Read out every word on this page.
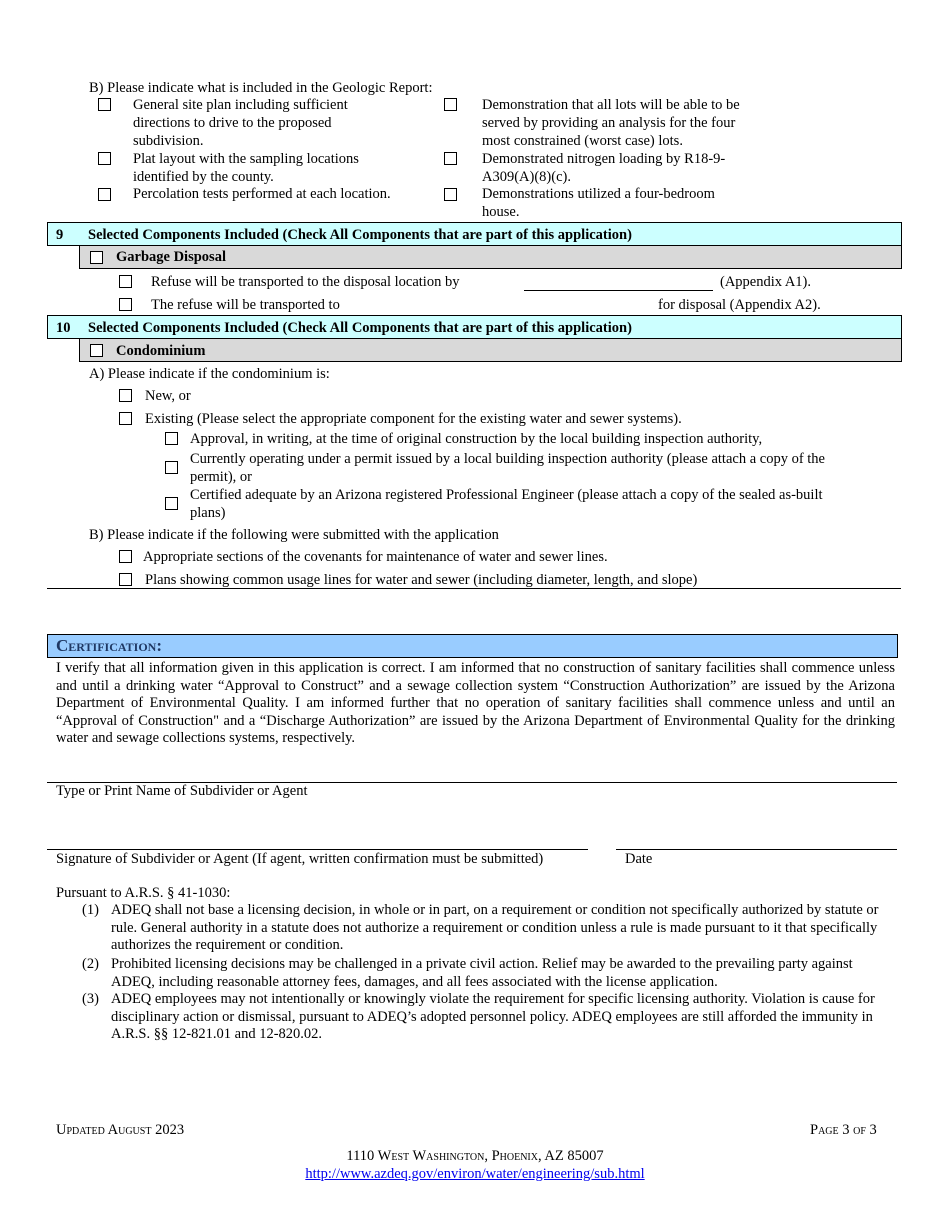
B) Please indicate what is included in the Geologic Report:
General site plan including sufficient
directions to drive to the proposed
subdivision.
Plat layout with the sampling locations
identified by the county.
Percolation tests performed at each location.
Demonstration that all lots will be able to be
served by providing an analysis for the four
most constrained (worst case) lots.
Demonstrated nitrogen loading by R18-9-
A309(A)(8)(c).
Demonstrations utilized a four-bedroom
house.
9 Selected Components Included (Check All Components that are part of this application)
Garbage Disposal
Refuse will be transported to the disposal location by	(Appendix A1).
The refuse will be transported to	for disposal (Appendix A2).
10 Selected Components Included (Check All Components that are part of this application)
Condominium
A) Please indicate if the condominium is:
New, or
Existing (Please select the appropriate component for the existing water and sewer systems).
Approval, in writing, at the time of original construction by the local building inspection authority,
Currently operating under a permit issued by a local building inspection authority (please attach a copy of the
permit), or
Certified adequate by an Arizona registered Professional Engineer (please attach a copy of the sealed as-built
plans)
B) Please indicate if the following were submitted with the application
Appropriate sections of the covenants for maintenance of water and sewer lines.
Plans showing common usage lines for water and sewer (including diameter, length, and slope)
Certification:
I verify that all information given in this application is correct. I am informed that no construction of sanitary facilities shall commence unless and until a drinking water “Approval to Construct” and a sewage collection system “Construction Authorization” are issued by the Arizona Department of Environmental Quality. I am informed further that no operation of sanitary facilities shall commence unless and until an “Approval of Construction" and a “Discharge Authorization” are issued by the Arizona Department of Environmental Quality for the drinking water and sewage collections systems, respectively.
Type or Print Name of Subdivider or Agent
Signature of Subdivider or Agent (If agent, written confirmation must be submitted)	Date
Pursuant to A.R.S. § 41-1030:
(1) ADEQ shall not base a licensing decision, in whole or in part, on a requirement or condition not specifically authorized by statute or rule. General authority in a statute does not authorize a requirement or condition unless a rule is made pursuant to it that specifically authorizes the requirement or condition.
(2) Prohibited licensing decisions may be challenged in a private civil action. Relief may be awarded to the prevailing party against ADEQ, including reasonable attorney fees, damages, and all fees associated with the license application.
(3) ADEQ employees may not intentionally or knowingly violate the requirement for specific licensing authority. Violation is cause for disciplinary action or dismissal, pursuant to ADEQ’s adopted personnel policy. ADEQ employees are still afforded the immunity in A.R.S. §§ 12-821.01 and 12-820.02.
Updated August 2023	Page 3 of 3
1110 West Washington, Phoenix, AZ 85007
http://www.azdeq.gov/environ/water/engineering/sub.html
